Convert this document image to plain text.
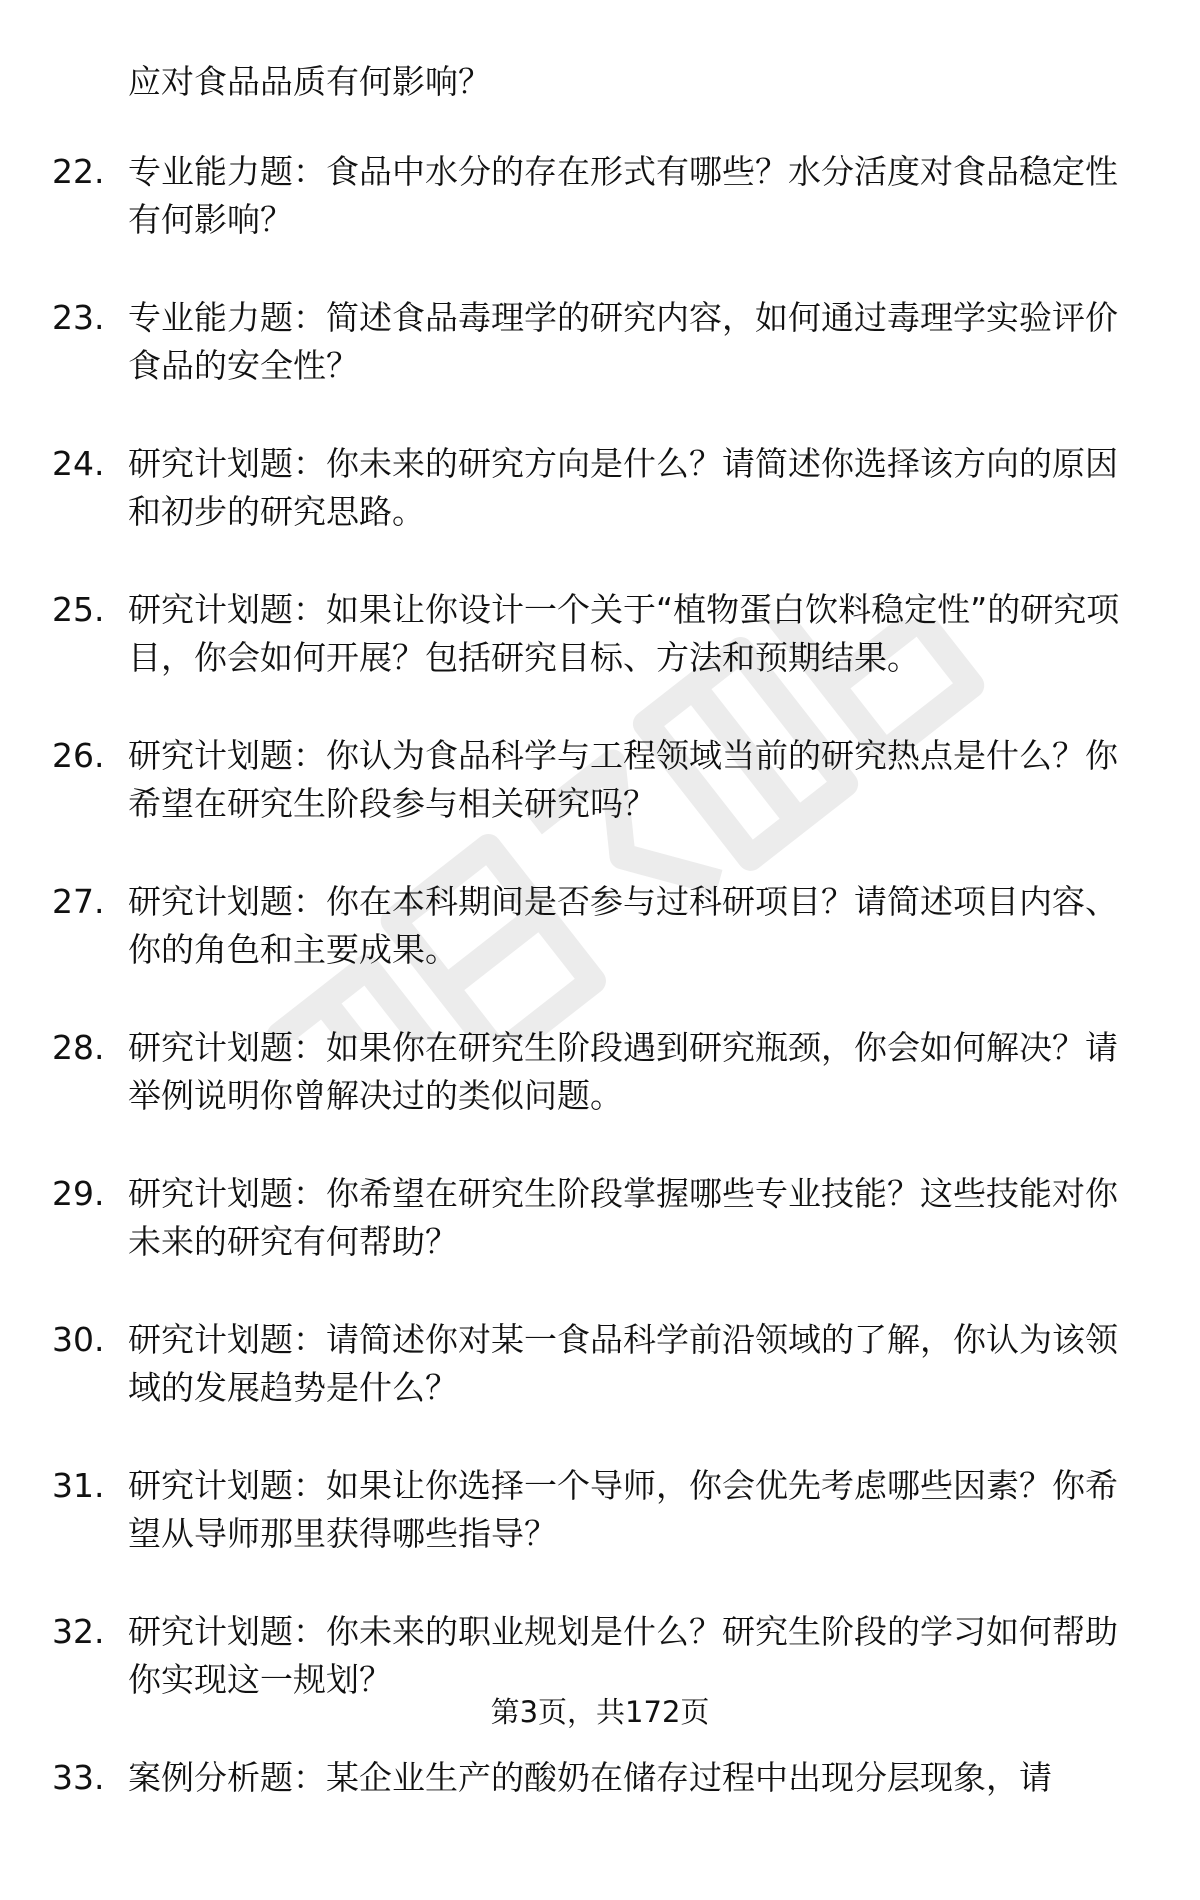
应对食品品质有何影响？

22. 专业能力题：食品中水分的存在形式有哪些？水分活度对食品稳定性有何影响？
23. 专业能力题：简述食品毒理学的研究内容，如何通过毒理学实验评价食品的安全性？
24. 研究计划题：你未来的研究方向是什么？请简述你选择该方向的原因和初步的研究思路。
25. 研究计划题：如果让你设计一个关于“植物蛋白饮料稳定性”的研究项目，你会如何开展？包括研究目标、方法和预期结果。
26. 研究计划题：你认为食品科学与工程领域当前的研究热点是什么？你希望在研究生阶段参与相关研究吗？
27. 研究计划题：你在本科期间是否参与过科研项目？请简述项目内容、你的角色和主要成果。
28. 研究计划题：如果你在研究生阶段遇到研究瓶颈，你会如何解决？请举例说明你曾解决过的类似问题。
29. 研究计划题：你希望在研究生阶段掌握哪些专业技能？这些技能对你未来的研究有何帮助？
30. 研究计划题：请简述你对某一食品科学前沿领域的了解，你认为该领域的发展趋势是什么？
31. 研究计划题：如果让你选择一个导师，你会优先考虑哪些因素？你希望从导师那里获得哪些指导？
32. 研究计划题：你未来的职业规划是什么？研究生阶段的学习如何帮助你实现这一规划？
33. 案例分析题：某企业生产的酸奶在储存过程中出现分层现象，请
第3页，共172页
